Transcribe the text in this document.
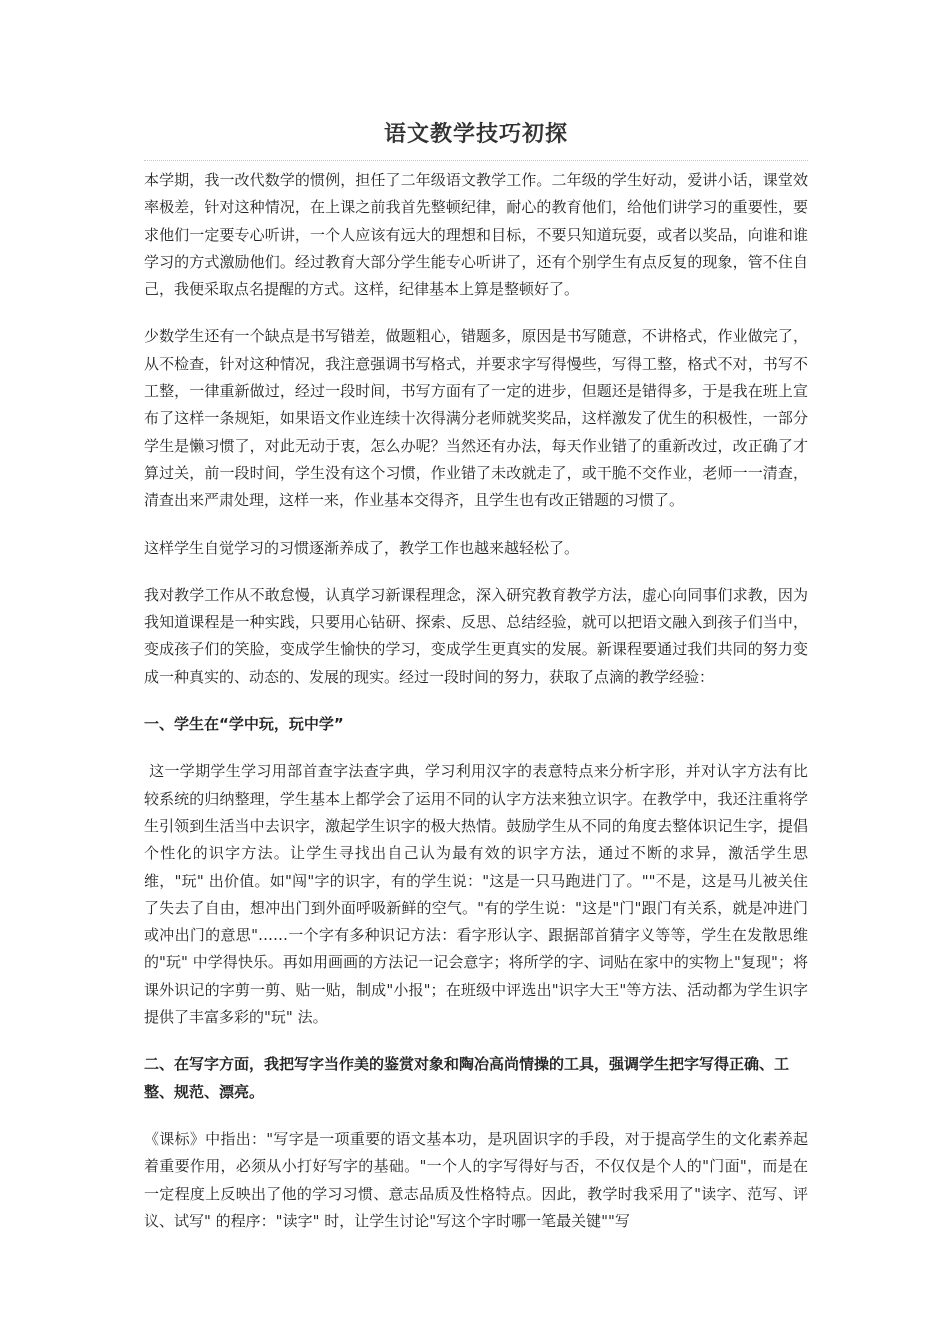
语文教学技巧初探

本学期，我一改代数学的惯例，担任了二年级语文教学工作。二年级的学生好动，爱讲小话，课堂效率极差，针对这种情况，在上课之前我首先整顿纪律，耐心的教育他们，给他们讲学习的重要性，要求他们一定要专心听讲，一个人应该有远大的理想和目标，不要只知道玩耍，或者以奖品，向谁和谁学习的方式激励他们。经过教育大部分学生能专心听讲了，还有个别学生有点反复的现象，管不住自己，我便采取点名提醒的方式。这样，纪律基本上算是整顿好了。

少数学生还有一个缺点是书写错差，做题粗心，错题多，原因是书写随意，不讲格式，作业做完了，从不检查，针对这种情况，我注意强调书写格式，并要求字写得慢些，写得工整，格式不对，书写不工整，一律重新做过，经过一段时间，书写方面有了一定的进步，但题还是错得多，于是我在班上宣布了这样一条规矩，如果语文作业连续十次得满分老师就奖奖品，这样激发了优生的积极性，一部分学生是懒习惯了，对此无动于衷，怎么办呢？当然还有办法，每天作业错了的重新改过，改正确了才算过关，前一段时间，学生没有这个习惯，作业错了未改就走了，或干脆不交作业，老师一一清查，清查出来严肃处理，这样一来，作业基本交得齐，且学生也有改正错题的习惯了。

这样学生自觉学习的习惯逐渐养成了，教学工作也越来越轻松了。

我对教学工作从不敢怠慢，认真学习新课程理念，深入研究教育教学方法，虚心向同事们求教，因为我知道课程是一种实践，只要用心钻研、探索、反思、总结经验，就可以把语文融入到孩子们当中，变成孩子们的笑脸，变成学生愉快的学习，变成学生更真实的发展。新课程要通过我们共同的努力变成一种真实的、动态的、发展的现实。经过一段时间的努力，获取了点滴的教学经验：

一、学生在“学中玩，玩中学”

这一学期学生学习用部首查字法查字典，学习利用汉字的表意特点来分析字形，并对认字方法有比较系统的归纳整理，学生基本上都学会了运用不同的认字方法来独立识字。在教学中，我还注重将学生引领到生活当中去识字，激起学生识字的极大热情。鼓励学生从不同的角度去整体识记生字，提倡个性化的识字方法。让学生寻找出自己认为最有效的识字方法，通过不断的求异，激活学生思维，"玩" 出价值。如"闯"字的识字，有的学生说："这是一只马跑进门了。""不是，这是马儿被关住了失去了自由，想冲出门到外面呼吸新鲜的空气。"有的学生说："这是"门"跟门有关系，就是冲进门或冲出门的意思"……一个字有多种识记方法：看字形认字、跟据部首猜字义等等，学生在发散思维的"玩" 中学得快乐。再如用画画的方法记一记会意字；将所学的字、词贴在家中的实物上"复现"；将课外识记的字剪一剪、贴一贴，制成"小报"；在班级中评选出"识字大王"等方法、活动都为学生识字提供了丰富多彩的"玩" 法。

二、在写字方面，我把写字当作美的鉴赏对象和陶冶高尚情操的工具，强调学生把字写得正确、工整、规范、漂亮。

《课标》中指出："写字是一项重要的语文基本功，是巩固识字的手段，对于提高学生的文化素养起着重要作用，必须从小打好写字的基础。"一个人的字写得好与否，不仅仅是个人的"门面"，而是在一定程度上反映出了他的学习习惯、意志品质及性格特点。因此，教学时我采用了"读字、范写、评议、试写" 的程序："读字" 时，让学生讨论"写这个字时哪一笔最关键""写
